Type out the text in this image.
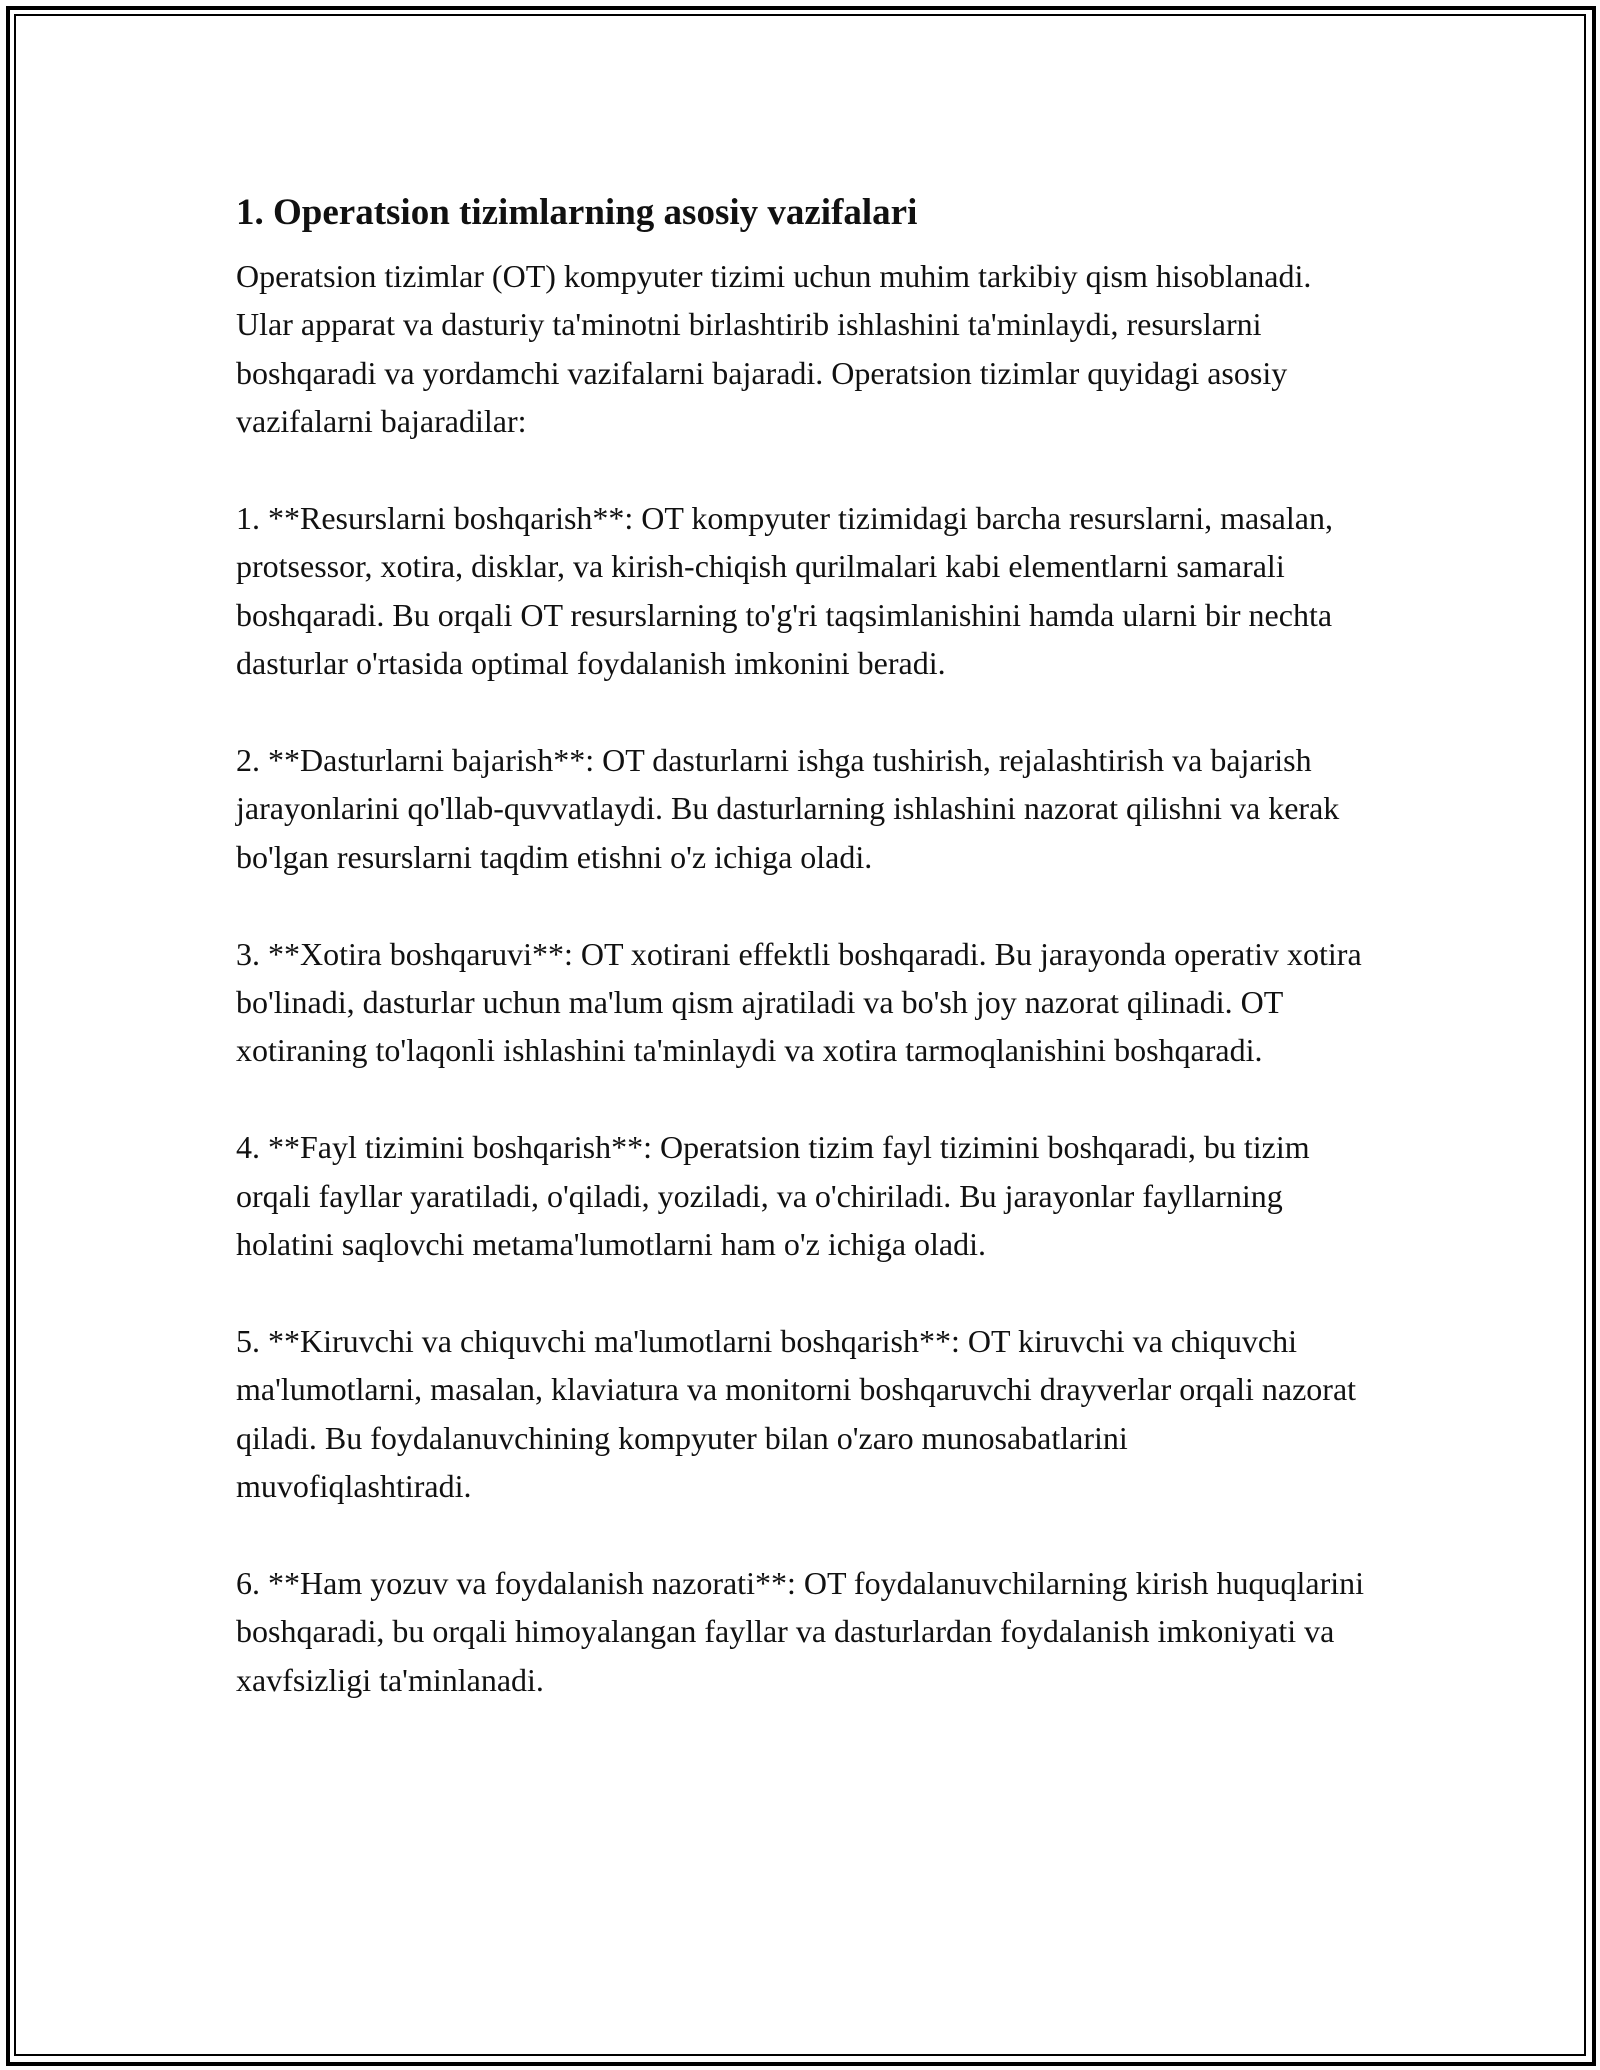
1. Operatsion tizimlarning asosiy vazifalari

Operatsion tizimlar (OT) kompyuter tizimi uchun muhim tarkibiy qism hisoblanadi. Ular apparat va dasturiy ta'minotni birlashtirib ishlashini ta'minlaydi, resurslarni boshqaradi va yordamchi vazifalarni bajaradi. Operatsion tizimlar quyidagi asosiy vazifalarni bajaradilar:

1. **Resurslarni boshqarish**: OT kompyuter tizimidagi barcha resurslarni, masalan, protsessor, xotira, disklar, va kirish-chiqish qurilmalari kabi elementlarni samarali boshqaradi. Bu orqali OT resurslarning to'g'ri taqsimlanishini hamda ularni bir nechta dasturlar o'rtasida optimal foydalanish imkonini beradi.

2. **Dasturlarni bajarish**: OT dasturlarni ishga tushirish, rejalashtirish va bajarish jarayonlarini qo'llab-quvvatlaydi. Bu dasturlarning ishlashini nazorat qilishni va kerak bo'lgan resurslarni taqdim etishni o'z ichiga oladi.

3. **Xotira boshqaruvi**: OT xotirani effektli boshqaradi. Bu jarayonda operativ xotira bo'linadi, dasturlar uchun ma'lum qism ajratiladi va bo'sh joy nazorat qilinadi. OT xotiraning to'laqonli ishlashini ta'minlaydi va xotira tarmoqlanishini boshqaradi.

4. **Fayl tizimini boshqarish**: Operatsion tizim fayl tizimini boshqaradi, bu tizim orqali fayllar yaratiladi, o'qiladi, yoziladi, va o'chiriladi. Bu jarayonlar fayllarning holatini saqlovchi metama'lumotlarni ham o'z ichiga oladi.

5. **Kiruvchi va chiquvchi ma'lumotlarni boshqarish**: OT kiruvchi va chiquvchi ma'lumotlarni, masalan, klaviatura va monitorni boshqaruvchi drayverlar orqali nazorat qiladi. Bu foydalanuvchining kompyuter bilan o'zaro munosabatlarini muvofiqlashtiradi.

6. **Ham yozuv va foydalanish nazorati**: OT foydalanuvchilarning kirish huquqlarini boshqaradi, bu orqali himoyalangan fayllar va dasturlardan foydalanish imkoniyati va xavfsizligi ta'minlanadi.
